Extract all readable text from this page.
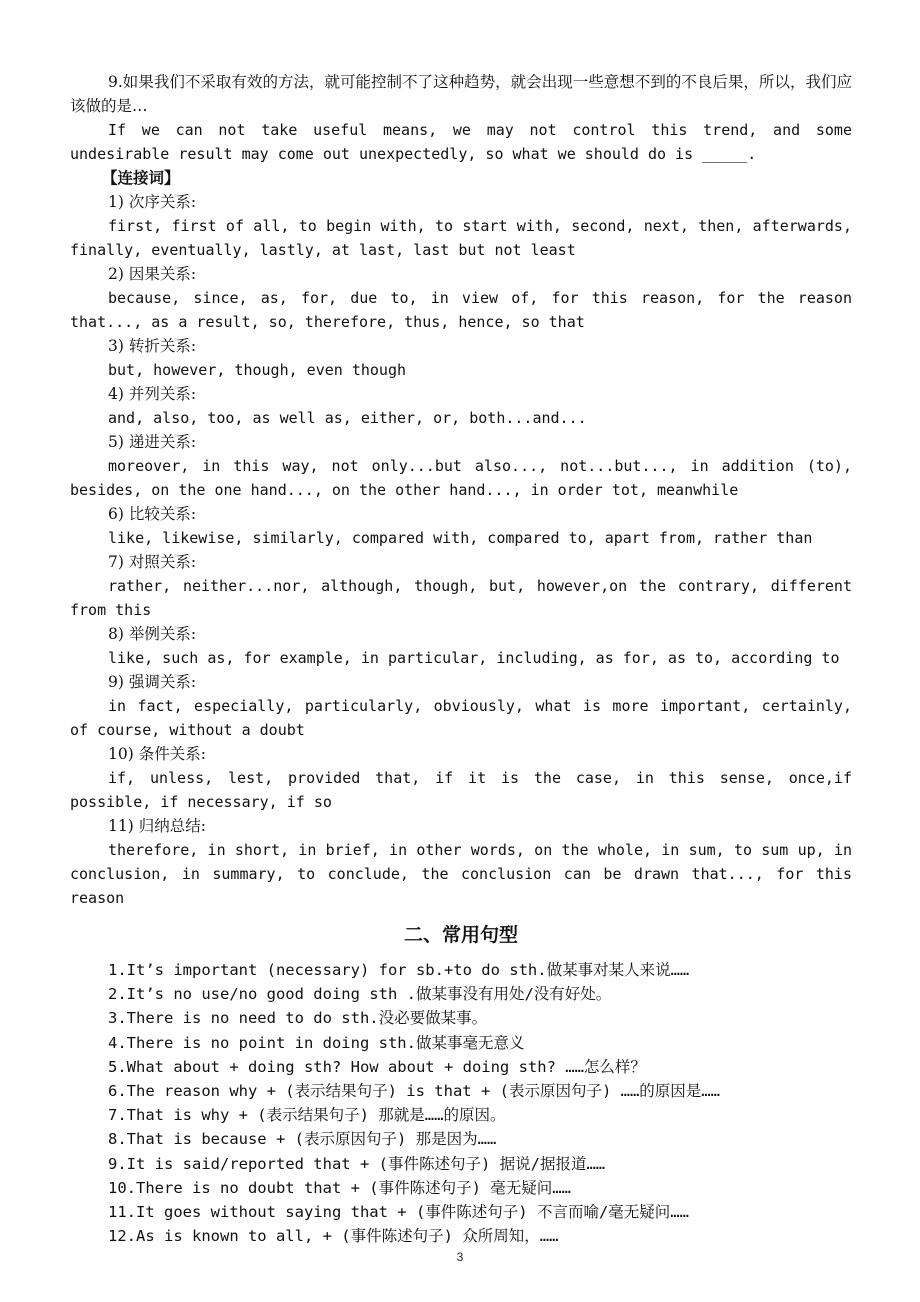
9.如果我们不采取有效的方法，就可能控制不了这种趋势，就会出现一些意想不到的不良后果，所以，我们应该做的是…

If we can not take useful means, we may not control this trend, and some undesirable result may come out unexpectedly, so what we should do is _____.

【连接词】

1) 次序关系:

first, first of all, to begin with, to start with, second, next, then, afterwards, finally, eventually, lastly, at last, last but not least

2) 因果关系:

because, since, as, for, due to, in view of, for this reason, for the reason that..., as a result, so, therefore, thus, hence, so that

3) 转折关系:

but, however, though, even though

4) 并列关系:

and, also, too, as well as, either, or, both...and...

5) 递进关系:

moreover, in this way, not only...but also..., not...but..., in addition (to), besides, on the one hand..., on the other hand..., in order tot, meanwhile

6) 比较关系:

like, likewise, similarly, compared with, compared to, apart from, rather than

7) 对照关系:

rather, neither...nor, although, though, but, however,on the contrary, different from this

8) 举例关系:

like, such as, for example, in particular, including, as for, as to, according to

9) 强调关系:

in fact, especially, particularly, obviously, what is more important, certainly, of course, without a doubt

10) 条件关系:

if, unless, lest, provided that, if it is the case, in this sense, once,if possible, if necessary, if so

11) 归纳总结:

therefore, in short, in brief, in other words, on the whole, in sum, to sum up, in conclusion, in summary, to conclude, the conclusion can be drawn that..., for this reason

二、常用句型

1.It’s important (necessary) for sb.+to do sth.做某事对某人来说……

2.It’s no use/no good doing sth .做某事没有用处/没有好处。

3.There is no need to do sth.没必要做某事。

4.There is no point in doing sth.做某事毫无意义

5.What about + doing sth? How about + doing sth? ……怎么样？

6.The reason why + (表示结果句子) is that + (表示原因句子) ……的原因是……

7.That is why + (表示结果句子) 那就是……的原因。

8.That is because + (表示原因句子) 那是因为……

9.It is said/reported that + (事件陈述句子) 据说/据报道……

10.There is no doubt that + (事件陈述句子) 毫无疑问……

11.It goes without saying that + (事件陈述句子) 不言而喻/毫无疑问……

12.As is known to all, + (事件陈述句子) 众所周知，……

3
